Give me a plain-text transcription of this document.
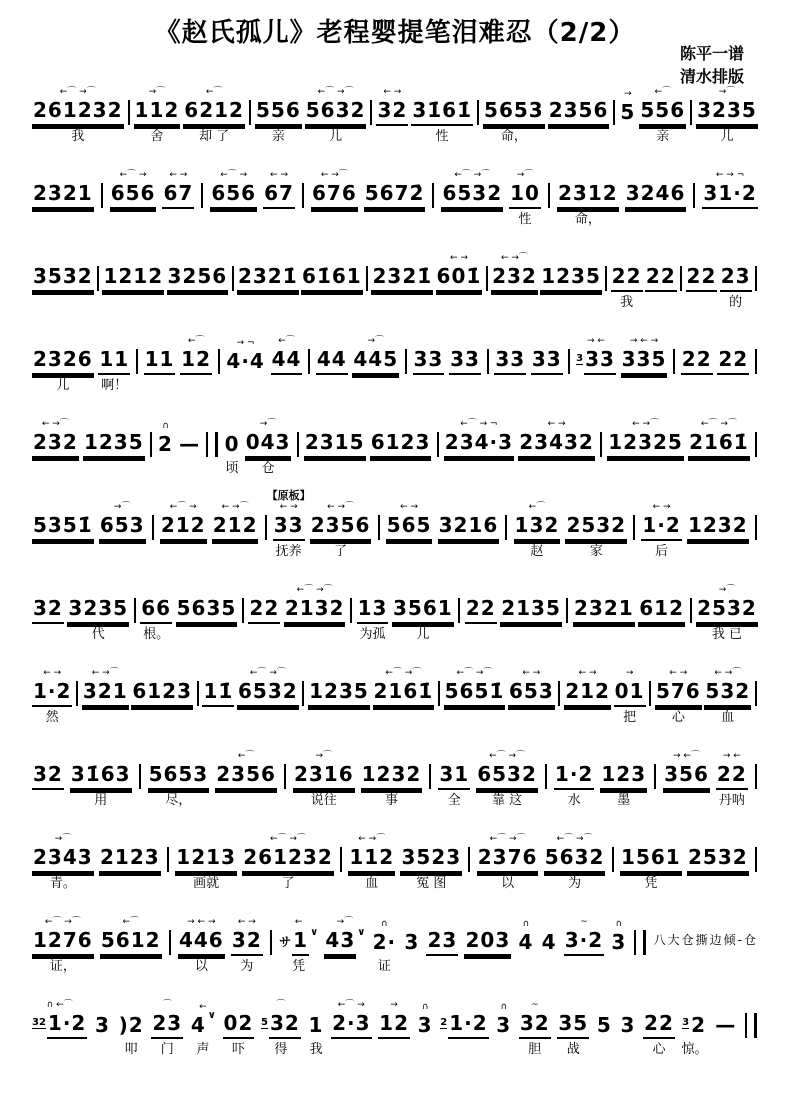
《赵氏孤儿》老程婴提笔泪难忍（2/2）
陈平一谱
清水排版
←⌒ →⌒
261232
我
→⌒
112
舍
←⌒
6212
却 了
556
亲
←⌒ →⌒
5632
儿
← →
32 31̇61̇
性
5653
命，
2356
→
5
←⌒
556
亲
→⌒
3235
儿
2321
←⌒ →
656
← →
67
←⌒ →
656
← →
67
← →⌒
676 5672̇
←⌒ →⌒
6532
→⌒
10
性
2312
命，
3246
← → ¬
31·2
3532 1212 3256 2321̇ 61̇61 2321̇
← →
601̇
← →⌒
232 1235 22
我
22 22 23
的
2326
儿
11
啊！
11
←⌒
12
→ ¬
4·4
←⌒
44 44
→⌒
445 33 33 33 33
→ ←
3 33
→ ← →
335 22 22
← →⌒
232 1235
∩
2 — 0
顷
→⌒
043
仓
2315 6123
←⌒ → ¬
234·3
← →
23432
← →⌒
12325
←⌒ →⌒
2161̇
5351̇
→⌒
653
←⌒ →
212
← →⌒
212
【原板】
← →
33
抚养
← →⌒
2356
了
← →
565 3216
←⌒
132
赵
2532
家
← →
1·2
后
1232
32 3235
代
66
根。
5635 22
←⌒ →⌒
2132 13
为孤
3561
儿
22 2135 2321 612
→⌒
2532
我 已
← →
1·2
然
← →⌒
321 6123 11̇
←⌒ →⌒
6532 1235
←⌒ →⌒
2161̇
←⌒ →⌒
5651̇
← →
653
← →
212
→
01
把
← →
576
心
← →⌒
532
血
32 31̇63
用
5653
尽，
←⌒
2356
→⌒
2316
说往
1232
事
31
全
←⌒ →⌒
6532
靠 这
1·2
水
123
墨
→ ←⌒
356
→ ←
22
丹呐
→⌒
2343
青。
2123 1213
画就
←⌒ →⌒
261232
了
← →⌒
112
血
3523
冤 图
←⌒ →⌒
2376
以
←⌒ →⌒
5632
为
1561
凭
2532
←⌒ →⌒
1276
证，
←⌒
5612
→ ← →
446
以
← →
32
为
←
サ 1 ∨
凭
→⌒
43 ∨
∩
2·
证
3 23 203
∩
4 4
~
3·2
∩
3 八大仓撕边倾-仓
∩ ←⌒
32 1·2 3 )2
叩
⌒
23
门
←
4 ∨
声
02
吓
⌒
5 32
得
1
我
←⌒ →
2·3
→
12
∩
3 2 1·2
∩
3
~
32
胆
35
战
5 3 22
心
3 2
惊。
—
